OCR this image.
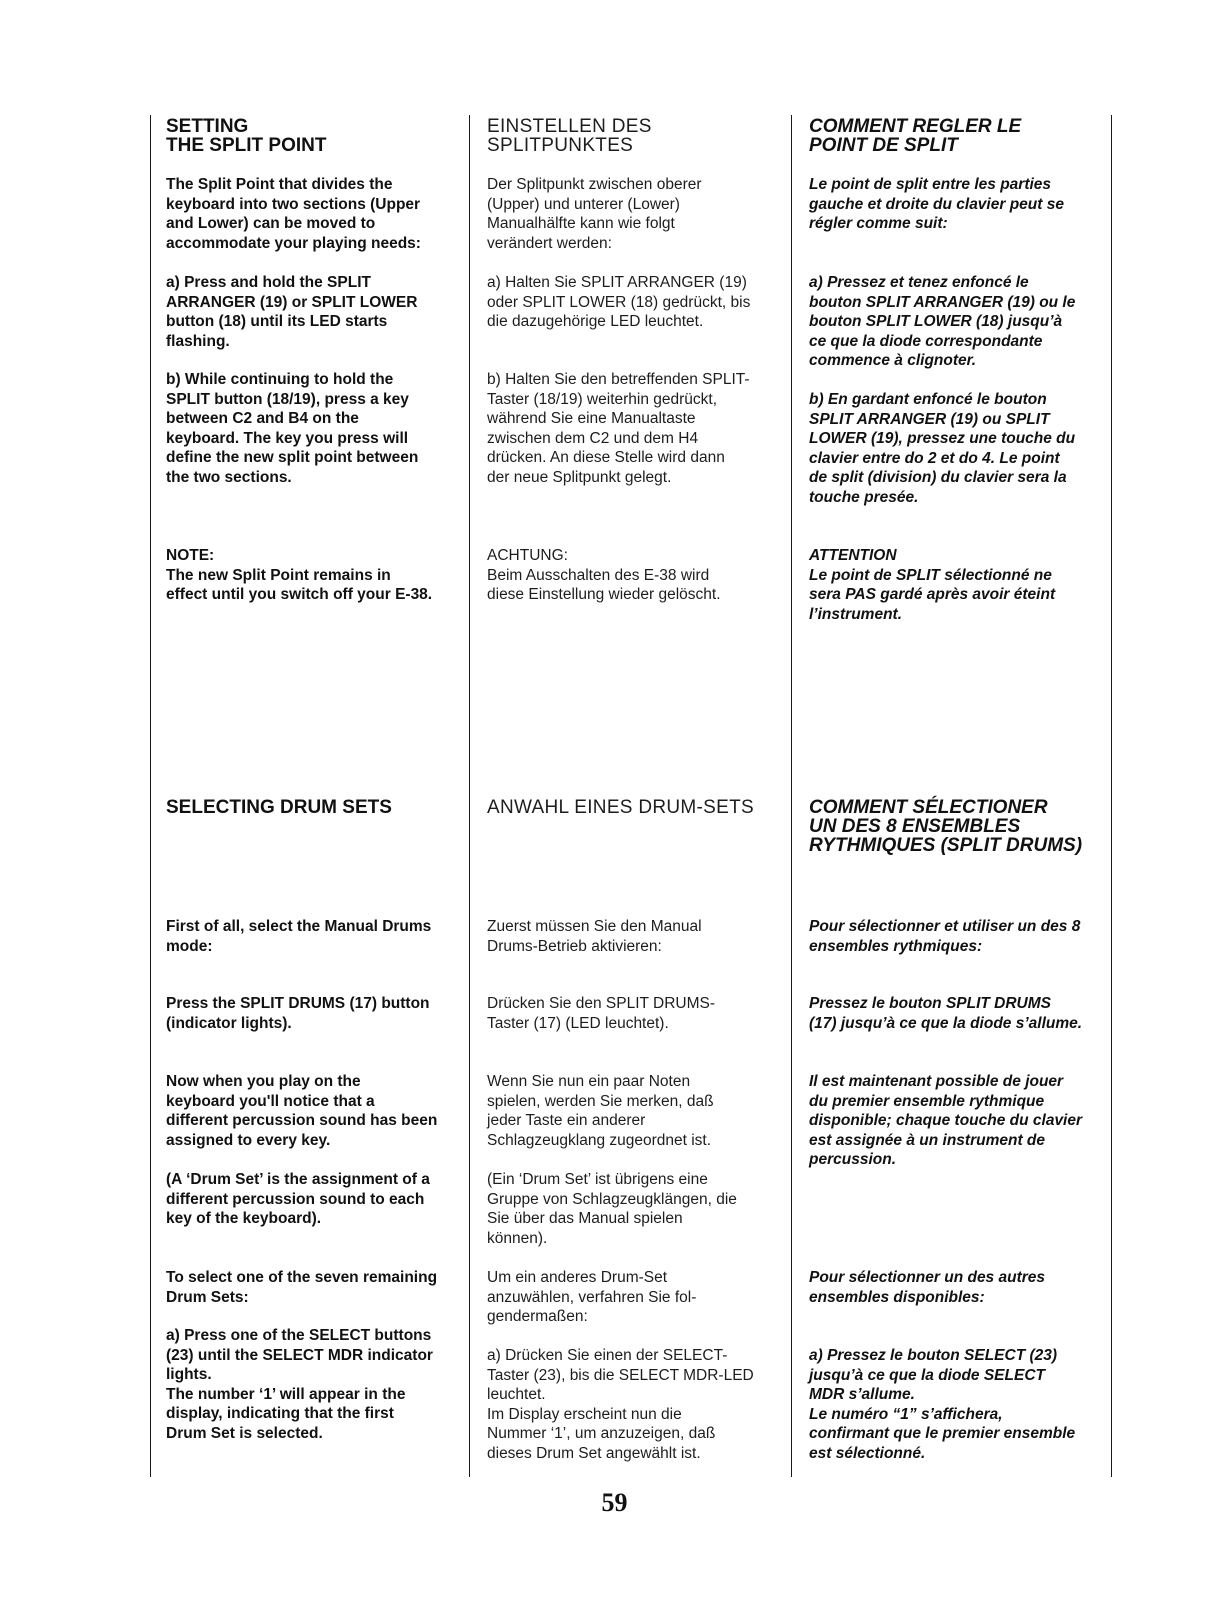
SETTING
THE SPLIT POINT

The Split Point that divides the
keyboard into two sections (Upper
and Lower) can be moved to
accommodate your playing needs:

a) Press and hold the SPLIT
ARRANGER (19) or SPLIT LOWER
button (18) until its LED starts
flashing.

b) While continuing to hold the
SPLIT button (18/19), press a key
between C2 and B4 on the
keyboard. The key you press will
define the new split point between
the two sections.

NOTE:
The new Split Point remains in
effect until you switch off your E-38.

SELECTING DRUM SETS

First of all, select the Manual Drums
mode:

Press the SPLIT DRUMS (17) button
(indicator lights).

Now when you play on the
keyboard you'll notice that a
different percussion sound has been
assigned to every key.

(A ‘Drum Set’ is the assignment of a
different percussion sound to each
key of the keyboard).

To select one of the seven remaining
Drum Sets:

a) Press one of the SELECT buttons
(23) until the SELECT MDR indicator
lights.
The number ‘1’ will appear in the
display, indicating that the first
Drum Set is selected.

EINSTELLEN DES
SPLITPUNKTES

Der Splitpunkt zwischen oberer
(Upper) und unterer (Lower)
Manualhälfte kann wie folgt
verändert werden:

a) Halten Sie SPLIT ARRANGER (19)
oder SPLIT LOWER (18) gedrückt, bis
die dazugehörige LED leuchtet.

b) Halten Sie den betreffenden SPLIT-
Taster (18/19) weiterhin gedrückt,
während Sie eine Manualtaste
zwischen dem C2 und dem H4
drücken. An diese Stelle wird dann
der neue Splitpunkt gelegt.

ACHTUNG:
Beim Ausschalten des E-38 wird
diese Einstellung wieder gelöscht.

ANWAHL EINES DRUM-SETS

Zuerst müssen Sie den Manual
Drums-Betrieb aktivieren:

Drücken Sie den SPLIT DRUMS-
Taster (17) (LED leuchtet).

Wenn Sie nun ein paar Noten
spielen, werden Sie merken, daß
jeder Taste ein anderer
Schlagzeugklang zugeordnet ist.

(Ein ‘Drum Set’ ist übrigens eine
Gruppe von Schlagzeugklängen, die
Sie über das Manual spielen
können).

Um ein anderes Drum-Set
anzuwählen, verfahren Sie fol-
gendermaßen:

a) Drücken Sie einen der SELECT-
Taster (23), bis die SELECT MDR-LED
leuchtet.
Im Display erscheint nun die
Nummer ‘1’, um anzuzeigen, daß
dieses Drum Set angewählt ist.

COMMENT REGLER LE
POINT DE SPLIT

Le point de split entre les parties
gauche et droite du clavier peut se
régler comme suit:

a) Pressez et tenez enfoncé le
bouton SPLIT ARRANGER (19) ou le
bouton SPLIT LOWER (18) jusqu’à
ce que la diode correspondante
commence à clignoter.

b) En gardant enfoncé le bouton
SPLIT ARRANGER (19) ou SPLIT
LOWER (19), pressez une touche du
clavier entre do 2 et do 4. Le point
de split (division) du clavier sera la
touche presée.

ATTENTION
Le point de SPLIT sélectionné ne
sera PAS gardé après avoir éteint
l’instrument.

COMMENT SÉLECTIONER
UN DES 8 ENSEMBLES
RYTHMIQUES (SPLIT DRUMS)

Pour sélectionner et utiliser un des 8
ensembles rythmiques:

Pressez le bouton SPLIT DRUMS
(17) jusqu’à ce que la diode s’allume.

Il est maintenant possible de jouer
du premier ensemble rythmique
disponible; chaque touche du clavier
est assignée à un instrument de
percussion.

Pour sélectionner un des autres
ensembles disponibles:

a) Pressez le bouton SELECT (23)
jusqu’à ce que la diode SELECT
MDR s’allume.
Le numéro “1” s’affichera,
confirmant que le premier ensemble
est sélectionné.

59
